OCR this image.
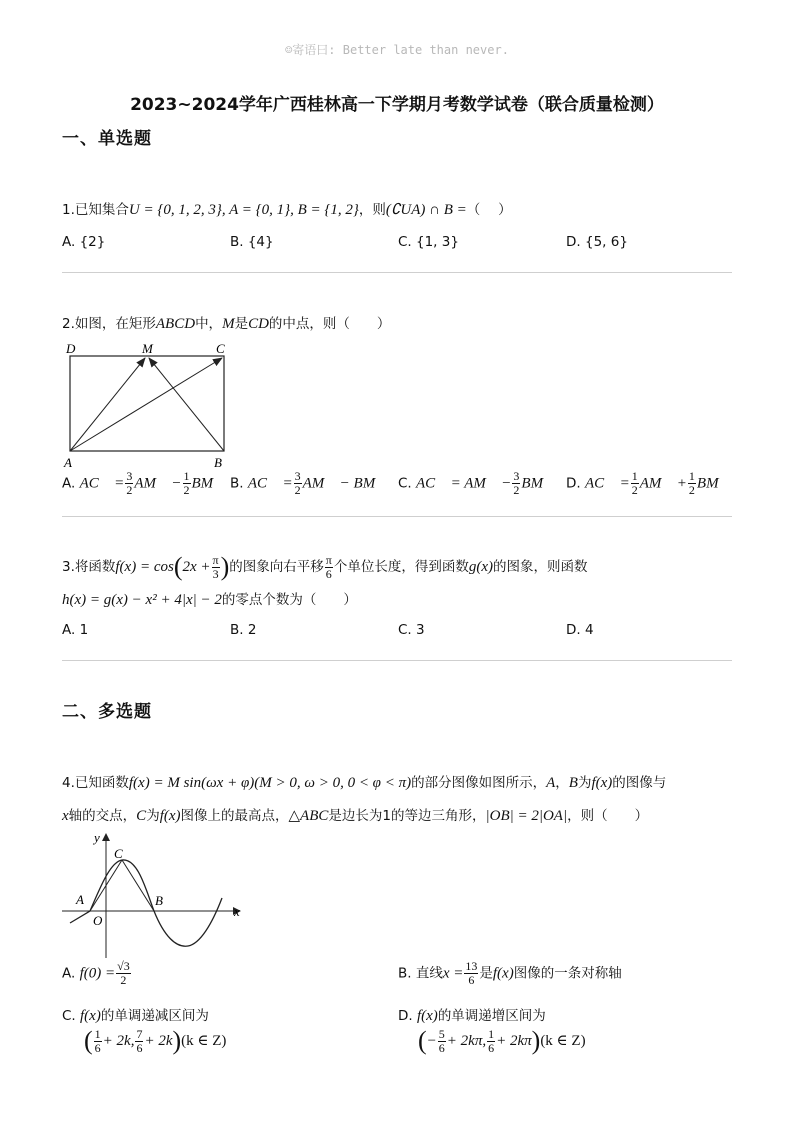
☺寄语曰: Better late than never.
2023~2024学年广西桂林高一下学期月考数学试卷（联合质量检测）
一、单选题
1.已知集合U = {0, 1, 2, 3}, A = {0, 1}, B = {1, 2}，则(∁UA) ∩ B =（　 ）
A. {2}	B. {4}	C. {1, 3}	D. {5, 6}
2.如图，在矩形ABCD中，M是CD的中点，则（　　）
D	M	C
A	B
A. AC⃗ = $\frac{3}{2}$ AM⃗ − $\frac{1}{2}$ BM⃗ B. AC⃗ = $\frac{3}{2}$ AM⃗ − BM⃗ C. AC⃗ = AM⃗ − $\frac{3}{2}$ BM⃗ D. AC⃗ = $\frac{1}{2}$ AM⃗ + $\frac{1}{2}$ BM⃗
3.将函数$f(x) = \cos(2x + \frac{\pi}{3}$ )的图象向右平移 $\frac{\pi}{6}$ 个单位长度，得到函数g(x)的图象，则函数
h(x) = g(x) − x² + 4|x| − 2的零点个数为（　　）
A. 1	B. 2	C. 3	D. 4
二、多选题
4.已知函数f(x) = M sin(ωx + φ)(M > 0, ω > 0, 0 < φ < π)的部分图像如图所示，A，B为f(x)的图像与
x轴的交点，C为f(x)图像上的最高点，△ABC是边长为1的等边三角形，|OB| = 2|OA|，则（　　）
y
x
C
A
O
B
A. $f(0) = \frac{√3}{2}$	B. 直线$x = \frac{13}{6}$ 是f(x)图像的一条对称轴
C. f(x)的单调递减区间为
( $\frac{1}{6} + 2k$, $\frac{7}{6} + 2k)(k$ ∈ Z)
D. f(x)的单调递增区间为
(− $\frac{5}{6} + 2k\pi$, $\frac{1}{6} + 2k\pi)(k$ ∈ Z)
